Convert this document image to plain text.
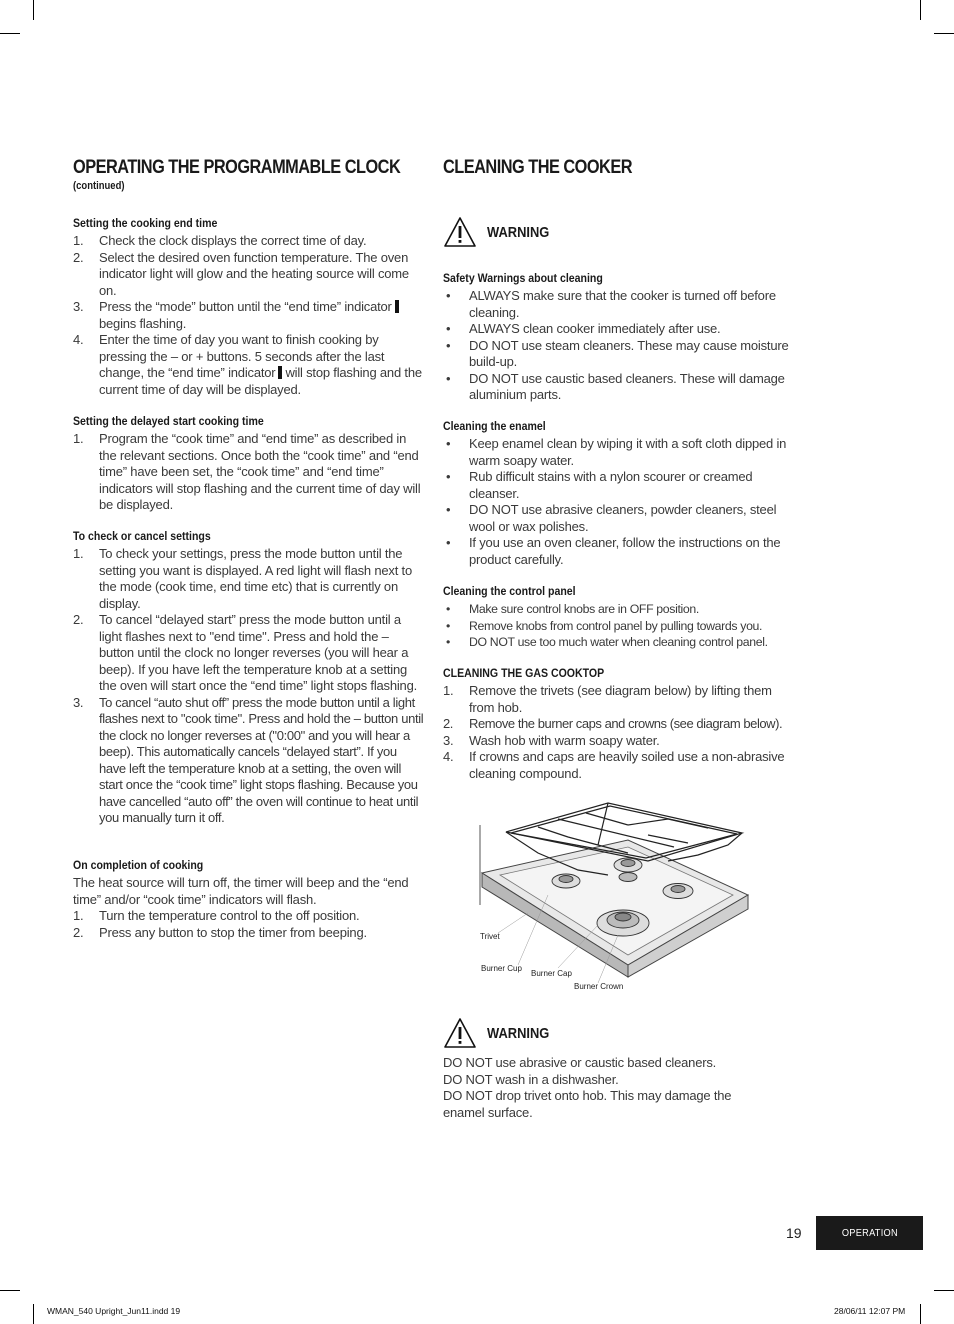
OPERATING THE PROGRAMMABLE CLOCK
(continued)
Setting the cooking end time
1. Check the clock displays the correct time of day.
2. Select the desired oven function temperature. The oven indicator light will glow and the heating source will come on.
3. Press the “mode” button until the “end time” indicatorbegins flashing.
4. Enter the time of day you want to finish cooking by pressing the – or + buttons. 5 seconds after the last change, the “end time” indicator will stop flashing and the current time of day will be displayed.
Setting the delayed start cooking time
1. Program the “cook time” and “end time” as described in the relevant sections. Once both the “cook time” and “end time” have been set, the “cook time” and “end time” indicators will stop flashing and the current time of day will be displayed.
To check or cancel settings
1. To check your settings, press the mode button until the setting you want is displayed. A red light will flash next to the mode (cook time, end time etc) that is currently on display.
2. To cancel “delayed start” press the mode button until a light flashes next to "end time". Press and hold the – button until the clock no longer reverses (you will hear a beep). If you have left the temperature knob at a setting the oven will start once the “end time” light stops flashing.
3. To cancel “auto shut off” press the mode button until a light flashes next to "cook time". Press and hold the – button until the clock no longer reverses at ("0:00" and you will hear a beep). This automatically cancels “delayed start”. If you have left the temperature knob at a setting, the oven will start once the “cook time” light stops flashing. Because you have cancelled “auto off” the oven will continue to heat until you manually turn it off.
On completion of cooking

The heat source will turn off, the timer will beep and the “end time” and/or “cook time” indicators will flash.

1. Turn the temperature control to the off position.
2. Press any button to stop the timer from beeping.
CLEANING THE COOKER
WARNING
Safety Warnings about cleaning
• ALWAYS make sure that the cooker is turned off before cleaning.
• ALWAYS clean cooker immediately after use.
• DO NOT use steam cleaners. These may cause moisture build-up.
• DO NOT use caustic based cleaners. These will damage aluminium parts.
Cleaning the enamel
• Keep enamel clean by wiping it with a soft cloth dipped in warm soapy water.
• Rub difficult stains with a nylon scourer or creamed cleanser.
• DO NOT use abrasive cleaners, powder cleaners, steel wool or wax polishes.
• If you use an oven cleaner, follow the instructions on the product carefully.
Cleaning the control panel
• Make sure control knobs are in OFF position.
• Remove knobs from control panel by pulling towards you.
• DO NOT use too much water when cleaning control panel.
CLEANING THE GAS COOKTOP
1. Remove the trivets (see diagram below) by lifting them from hob.
2. Remove the burner caps and crowns (see diagram below).
3. Wash hob with warm soapy water.
4. If crowns and caps are heavily soiled use a non-abrasive cleaning compound.
WARNING

DO NOT use abrasive or caustic based cleaners.

DO NOT wash in a dishwasher.

DO NOT drop trivet onto hob. This may damage the enamel surface.

Trivet
Burner Cup
Burner Cap
Burner Crown
19	OPERATION
WMAN_540 Upright_Jun11.indd 19	28/06/11 12:07 PM
